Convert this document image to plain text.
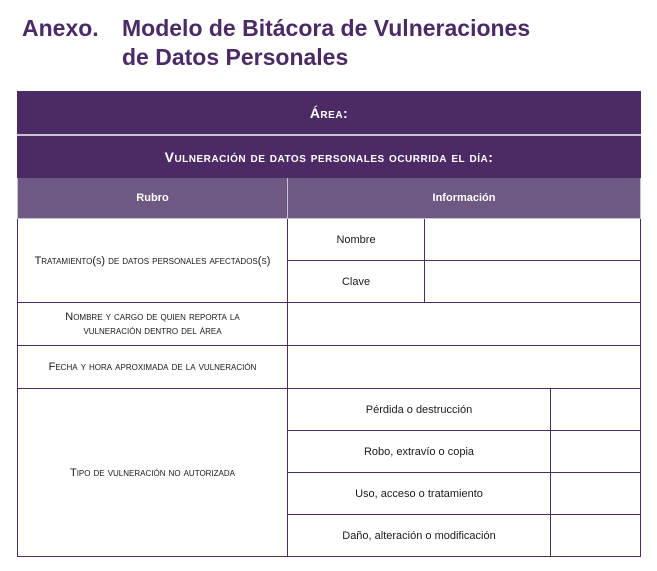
Anexo.	Modelo de Bitácora de Vulneraciones
de Datos Personales
Área:			
Vulneración de datos personales ocurrida el día:			
Rubro	Información		
Tratamiento(s) de datos personales afectados(s)	Nombre		
	Clave		

Nombre y cargo de quien reporta la
vulneración dentro del área			

Fecha y hora aproximada de la vulneración			
Tipo de vulneración no autorizada	Pérdida o destrucción		
	Robo, extravío o copia		
	Uso, acceso o tratamiento		
	Daño, alteración o modificación		
